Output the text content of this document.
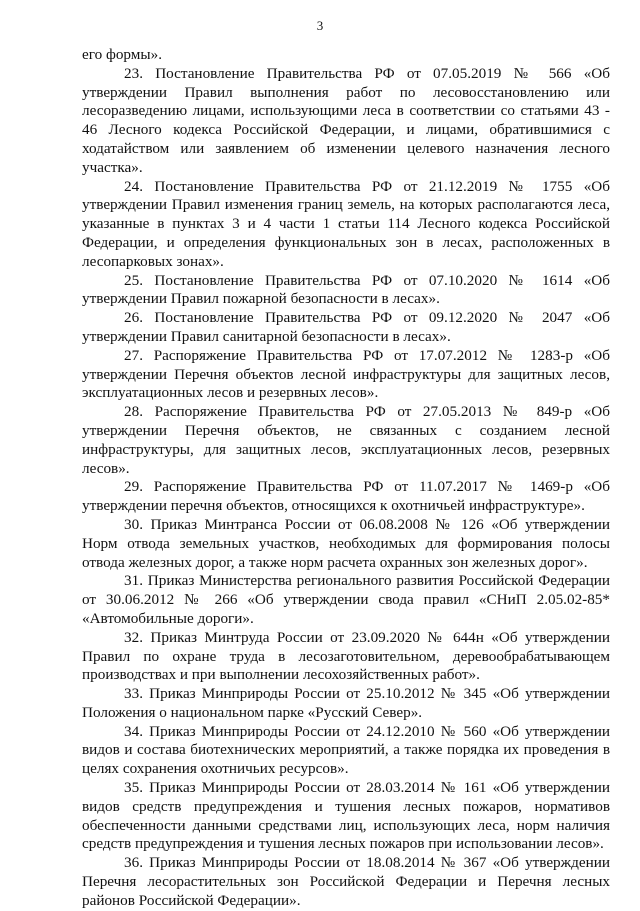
3

его формы».

23. Постановление Правительства РФ от 07.05.2019 № 566 «Об утверждении Правил выполнения работ по лесовосстановлению или лесоразведению лицами, использующими леса в соответствии со статьями 43 - 46 Лесного кодекса Российской Федерации, и лицами, обратившимися с ходатайством или заявлением об изменении целевого назначения лесного участка».

24. Постановление Правительства РФ от 21.12.2019 № 1755 «Об утверждении Правил изменения границ земель, на которых располагаются леса, указанные в пунктах 3 и 4 части 1 статьи 114 Лесного кодекса Российской Федерации, и определения функциональных зон в лесах, расположенных в лесопарковых зонах».

25. Постановление Правительства РФ от 07.10.2020 № 1614 «Об утверждении Правил пожарной безопасности в лесах».

26. Постановление Правительства РФ от 09.12.2020 № 2047 «Об утверждении Правил санитарной безопасности в лесах».

27. Распоряжение Правительства РФ от 17.07.2012 № 1283-р «Об утверждении Перечня объектов лесной инфраструктуры для защитных лесов, эксплуатационных лесов и резервных лесов».

28. Распоряжение Правительства РФ от 27.05.2013 № 849-р «Об утверждении Перечня объектов, не связанных с созданием лесной инфраструктуры, для защитных лесов, эксплуатационных лесов, резервных лесов».

29. Распоряжение Правительства РФ от 11.07.2017 № 1469-р «Об утверждении перечня объектов, относящихся к охотничьей инфраструктуре».

30. Приказ Минтранса России от 06.08.2008 № 126 «Об утверждении Норм отвода земельных участков, необходимых для формирования полосы отвода железных дорог, а также норм расчета охранных зон железных дорог».

31. Приказ Министерства регионального развития Российской Федерации от 30.06.2012 № 266 «Об утверждении свода правил «СНиП 2.05.02-85* «Автомобильные дороги».

32. Приказ Минтруда России от 23.09.2020 № 644н «Об утверждении Правил по охране труда в лесозаготовительном, деревообрабатывающем производствах и при выполнении лесохозяйственных работ».

33. Приказ Минприроды России от 25.10.2012 № 345 «Об утверждении Положения о национальном парке «Русский Север».

34. Приказ Минприроды России от 24.12.2010 № 560 «Об утверждении видов и состава биотехнических мероприятий, а также порядка их проведения в целях сохранения охотничьих ресурсов».

35. Приказ Минприроды России от 28.03.2014 № 161 «Об утверждении видов средств предупреждения и тушения лесных пожаров, нормативов обеспеченности данными средствами лиц, использующих леса, норм наличия средств предупреждения и тушения лесных пожаров при использовании лесов».

36. Приказ Минприроды России от 18.08.2014 № 367 «Об утверждении Перечня лесорастительных зон Российской Федерации и Перечня лесных районов Российской Федерации».
